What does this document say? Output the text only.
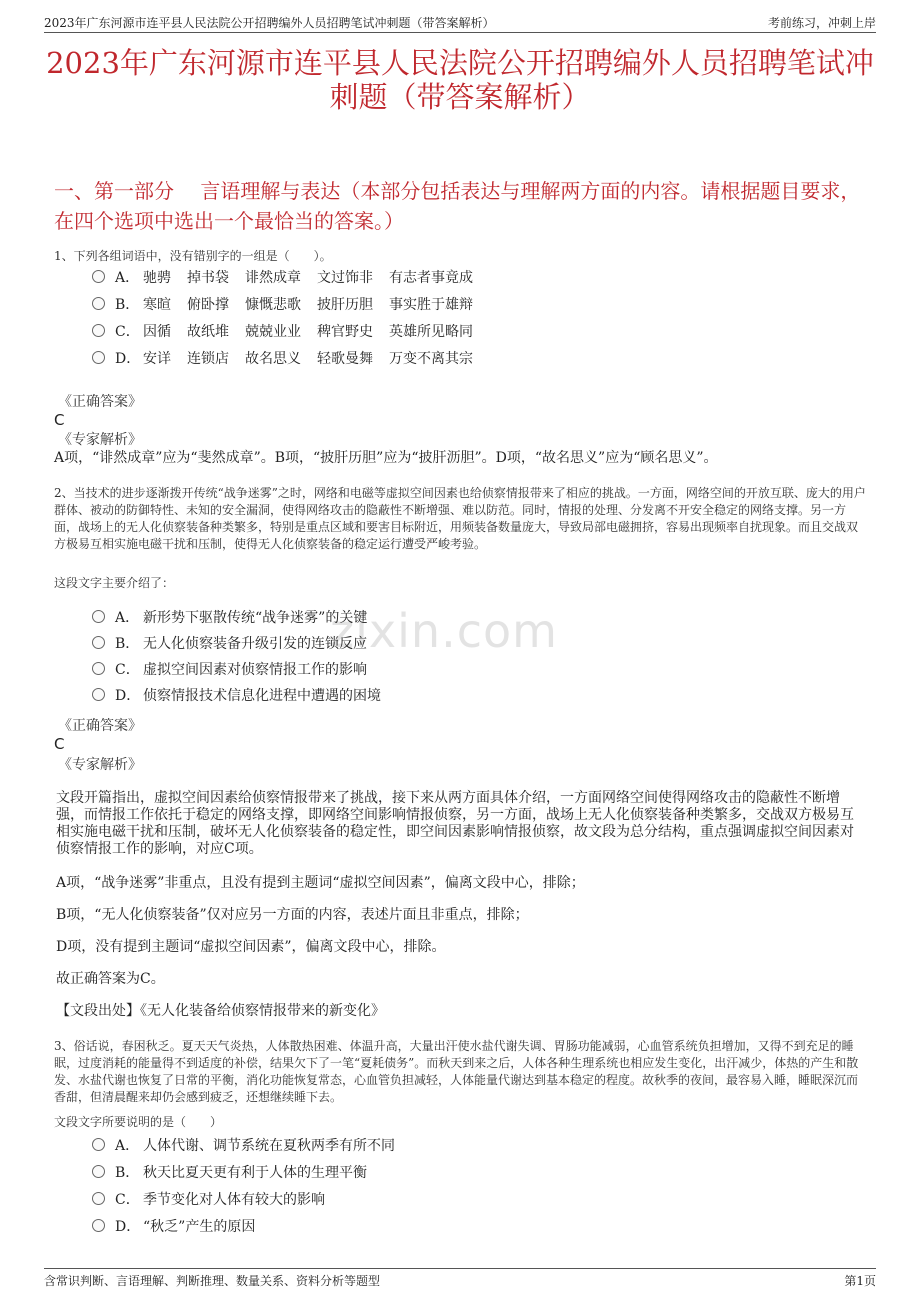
2023年广东河源市连平县人民法院公开招聘编外人员招聘笔试冲刺题（带答案解析）	考前练习，冲刺上岸
2023年广东河源市连平县人民法院公开招聘编外人员招聘笔试冲刺题（带答案解析）
一、第一部分　 言语理解与表达（本部分包括表达与理解两方面的内容。请根据题目要求，在四个选项中选出一个最恰当的答案。）
1、下列各组词语中，没有错别字的一组是（　　）。
A． 驰骋 掉书袋 诽然成章 文过饰非 有志者事竟成
B． 寒暄 俯卧撑 慷慨悲歌 披肝历胆 事实胜于雄辩
C． 因循 故纸堆 兢兢业业 稗官野史 英雄所见略同
D． 安详 连锁店 故名思义 轻歌曼舞 万变不离其宗
《正确答案》
C
《专家解析》
A项，“诽然成章”应为“斐然成章”。B项，“披肝历胆”应为“披肝沥胆”。D项，“故名思义”应为“顾名思义”。
2、当技术的进步逐渐拨开传统“战争迷雾”之时，网络和电磁等虚拟空间因素也给侦察情报带来了相应的挑战。一方面，网络空间的开放互联、庞大的用户群体、被动的防御特性、未知的安全漏洞，使得网络攻击的隐蔽性不断增强、难以防范。同时，情报的处理、分发离不开安全稳定的网络支撑。另一方面，战场上的无人化侦察装备种类繁多，特别是重点区域和要害目标附近，用频装备数量庞大，导致局部电磁拥挤，容易出现频率自扰现象。而且交战双方极易互相实施电磁干扰和压制，使得无人化侦察装备的稳定运行遭受严峻考验。
这段文字主要介绍了：
zixin.com
A． 新形势下驱散传统“战争迷雾”的关键
B． 无人化侦察装备升级引发的连锁反应
C． 虚拟空间因素对侦察情报工作的影响
D． 侦察情报技术信息化进程中遭遇的困境
《正确答案》
C
《专家解析》
文段开篇指出，虚拟空间因素给侦察情报带来了挑战，接下来从两方面具体介绍，一方面网络空间使得网络攻击的隐蔽性不断增强，而情报工作依托于稳定的网络支撑，即网络空间影响情报侦察，另一方面，战场上无人化侦察装备种类繁多，交战双方极易互相实施电磁干扰和压制，破坏无人化侦察装备的稳定性，即空间因素影响情报侦察，故文段为总分结构，重点强调虚拟空间因素对侦察情报工作的影响，对应C项。
A项，“战争迷雾”非重点，且没有提到主题词“虚拟空间因素”，偏离文段中心，排除；
B项，“无人化侦察装备”仅对应另一方面的内容，表述片面且非重点，排除；
D项，没有提到主题词“虚拟空间因素”，偏离文段中心，排除。
故正确答案为C。
【文段出处】《无人化装备给侦察情报带来的新变化》
3、俗话说，春困秋乏。夏天天气炎热，人体散热困难、体温升高，大量出汗使水盐代谢失调、胃肠功能减弱，心血管系统负担增加，又得不到充足的睡眠，过度消耗的能量得不到适度的补偿，结果欠下了一笔“夏耗债务”。而秋天到来之后，人体各种生理系统也相应发生变化，出汗减少，体热的产生和散发、水盐代谢也恢复了日常的平衡，消化功能恢复常态，心血管负担减轻，人体能量代谢达到基本稳定的程度。故秋季的夜间，最容易入睡，睡眠深沉而香甜，但清晨醒来却仍会感到疲乏，还想继续睡下去。
文段文字所要说明的是（　　）
A． 人体代谢、调节系统在夏秋两季有所不同
B． 秋天比夏天更有利于人体的生理平衡
C． 季节变化对人体有较大的影响
D． “秋乏”产生的原因
含常识判断、言语理解、判断推理、数量关系、资料分析等题型	第1页
